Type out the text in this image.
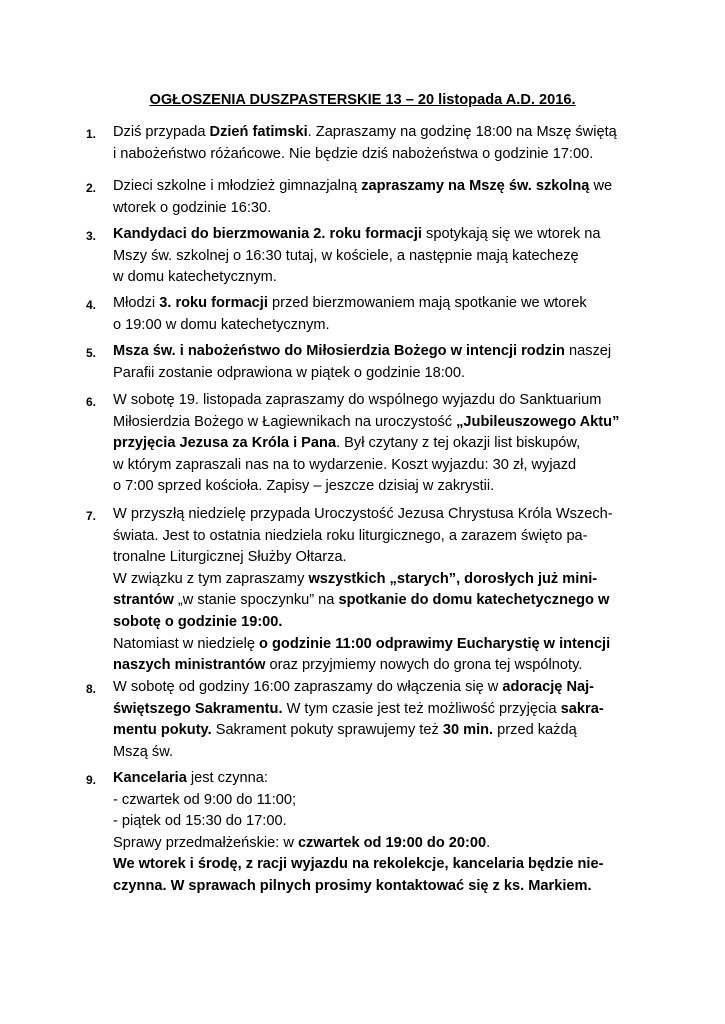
OGŁOSZENIA DUSZPASTERSKIE 13 – 20 listopada A.D. 2016.
1.	Dziś przypada Dzień fatimski. Zapraszamy na godzinę 18:00 na Mszę świętą
i nabożeństwo różańcowe. Nie będzie dziś nabożeństwa o godzinie 17:00.
2.	Dzieci szkolne i młodzież gimnazjalną zapraszamy na Mszę św. szkolną we
wtorek o godzinie 16:30.
3.	Kandydaci do bierzmowania 2. roku formacji spotykają się we wtorek na
Mszy św. szkolnej o 16:30 tutaj, w kościele, a następnie mają katechezę
w domu katechetycznym.
4.	Młodzi 3. roku formacji przed bierzmowaniem mają spotkanie we wtorek
o 19:00 w domu katechetycznym.
5.	Msza św. i nabożeństwo do Miłosierdzia Bożego w intencji rodzin naszej
Parafii zostanie odprawiona w piątek o godzinie 18:00.
6.	W sobotę 19. listopada zapraszamy do wspólnego wyjazdu do Sanktuarium
Miłosierdzia Bożego w Łagiewnikach na uroczystość „Jubileuszowego Aktu”
przyjęcia Jezusa za Króla i Pana. Był czytany z tej okazji list biskupów,
w którym zapraszali nas na to wydarzenie. Koszt wyjazdu: 30 zł, wyjazd
o 7:00 sprzed kościoła. Zapisy – jeszcze dzisiaj w zakrystii.
7.	W przyszłą niedzielę przypada Uroczystość Jezusa Chrystusa Króla Wszech-
świata. Jest to ostatnia niedziela roku liturgicznego, a zarazem święto pa-
tronalne Liturgicznej Służby Ołtarza.
W związku z tym zapraszamy wszystkich „starych”, dorosłych już mini-
strantów „w stanie spoczynku” na spotkanie do domu katechetycznego w
sobotę o godzinie 19:00.
Natomiast w niedzielę o godzinie 11:00 odprawimy Eucharystię w intencji
naszych ministrantów oraz przyjmiemy nowych do grona tej wspólnoty.
8.	W sobotę od godziny 16:00 zapraszamy do włączenia się w adorację Naj-
świętszego Sakramentu. W tym czasie jest też możliwość przyjęcia sakra-
mentu pokuty. Sakrament pokuty sprawujemy też 30 min. przed każdą
Mszą św.
9.	Kancelaria jest czynna:
- czwartek od 9:00 do 11:00;
- piątek od 15:30 do 17:00.
Sprawy przedmałżeńskie: w czwartek od 19:00 do 20:00.
We wtorek i środę, z racji wyjazdu na rekolekcje, kancelaria będzie nie-
czynna. W sprawach pilnych prosimy kontaktować się z ks. Markiem.
